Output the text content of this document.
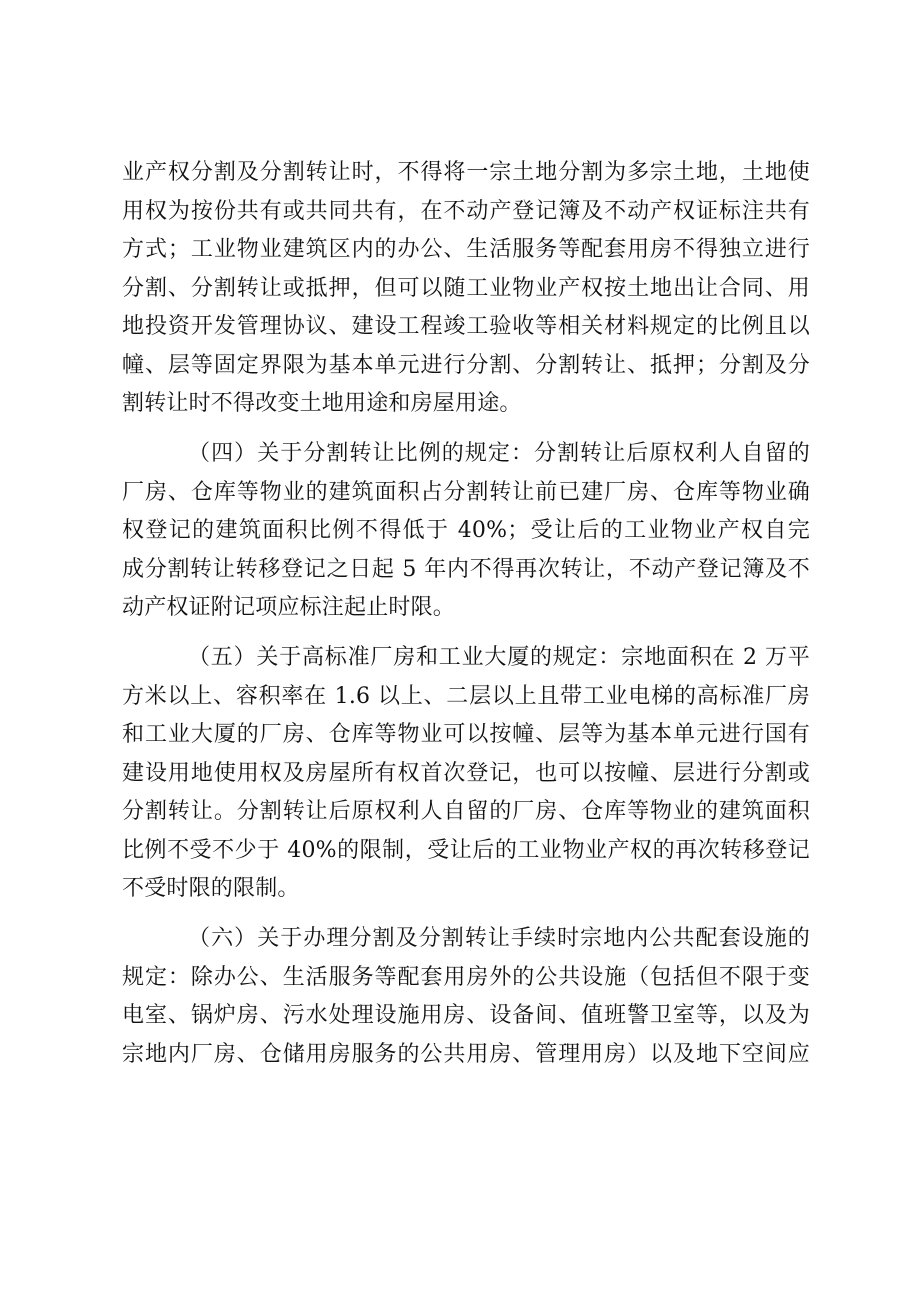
业产权分割及分割转让时，不得将一宗土地分割为多宗土地，土地使
用权为按份共有或共同共有，在不动产登记簿及不动产权证标注共有
方式；工业物业建筑区内的办公、生活服务等配套用房不得独立进行
分割、分割转让或抵押，但可以随工业物业产权按土地出让合同、用
地投资开发管理协议、建设工程竣工验收等相关材料规定的比例且以
幢、层等固定界限为基本单元进行分割、分割转让、抵押；分割及分
割转让时不得改变土地用途和房屋用途。
（四）关于分割转让比例的规定：分割转让后原权利人自留的
厂房、仓库等物业的建筑面积占分割转让前已建厂房、仓库等物业确
权登记的建筑面积比例不得低于 40%；受让后的工业物业产权自完
成分割转让转移登记之日起 5 年内不得再次转让，不动产登记簿及不
动产权证附记项应标注起止时限。
（五）关于高标准厂房和工业大厦的规定：宗地面积在 2 万平
方米以上、容积率在 1.6 以上、二层以上且带工业电梯的高标准厂房
和工业大厦的厂房、仓库等物业可以按幢、层等为基本单元进行国有
建设用地使用权及房屋所有权首次登记，也可以按幢、层进行分割或
分割转让。分割转让后原权利人自留的厂房、仓库等物业的建筑面积
比例不受不少于 40%的限制，受让后的工业物业产权的再次转移登记
不受时限的限制。
（六）关于办理分割及分割转让手续时宗地内公共配套设施的
规定：除办公、生活服务等配套用房外的公共设施（包括但不限于变
电室、锅炉房、污水处理设施用房、设备间、值班警卫室等，以及为
宗地内厂房、仓储用房服务的公共用房、管理用房）以及地下空间应
